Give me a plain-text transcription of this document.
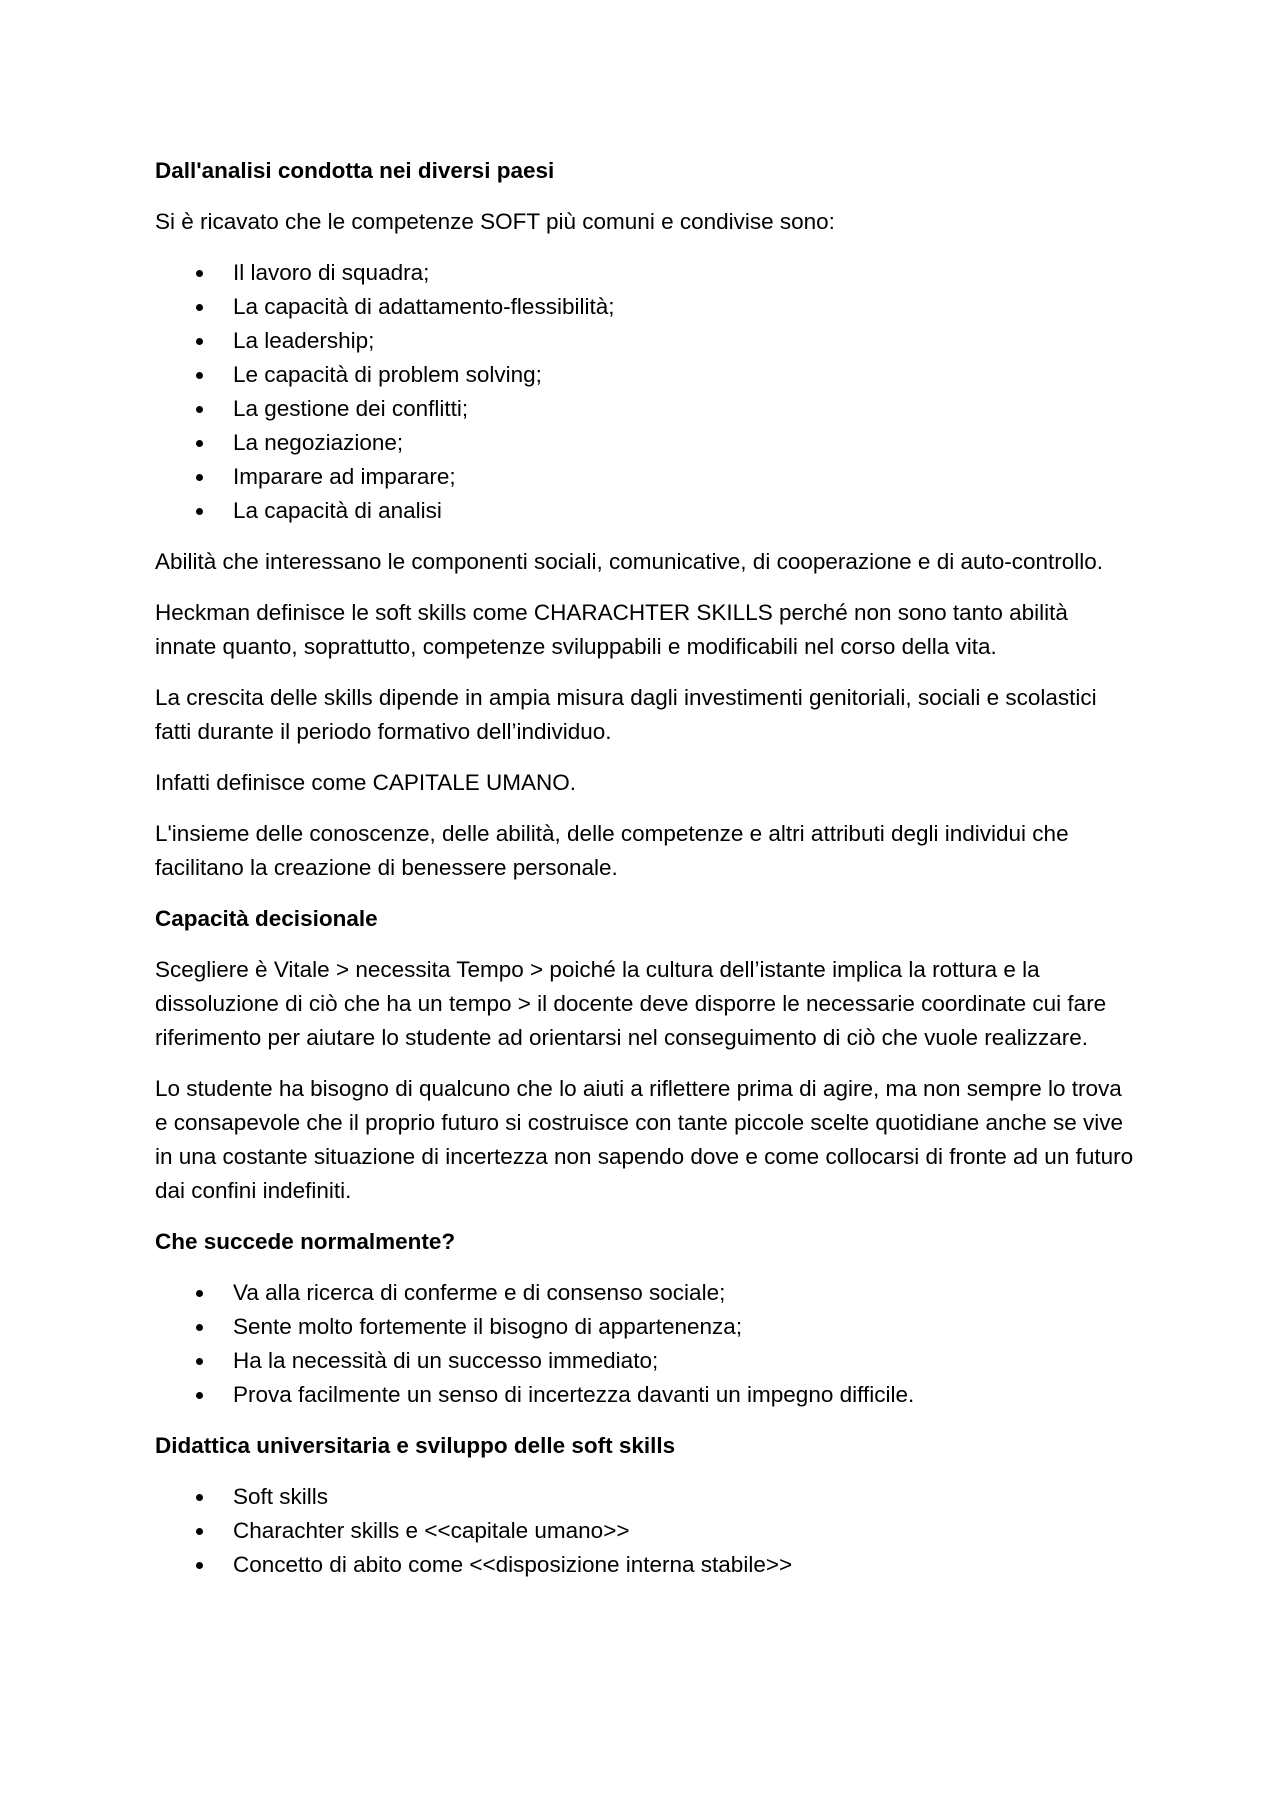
Dall'analisi condotta nei diversi paesi
Si è ricavato che le competenze SOFT più comuni e condivise sono:
Il lavoro di squadra;
La capacità di adattamento-flessibilità;
La leadership;
Le capacità di problem solving;
La gestione dei conflitti;
La negoziazione;
Imparare ad imparare;
La capacità di analisi
Abilità che interessano le componenti sociali, comunicative, di cooperazione e di auto-controllo.
Heckman definisce le soft skills come CHARACHTER SKILLS perché non sono tanto abilità innate quanto, soprattutto, competenze sviluppabili e modificabili nel corso della vita.
La crescita delle skills dipende in ampia misura dagli investimenti genitoriali, sociali e scolastici fatti durante il periodo formativo dell’individuo.
Infatti definisce come CAPITALE UMANO.
L'insieme delle conoscenze, delle abilità, delle competenze e altri attributi degli individui che facilitano la creazione di benessere personale.
Capacità decisionale
Scegliere è Vitale > necessita Tempo > poiché la cultura dell’istante implica la rottura e la dissoluzione di ciò che ha un tempo > il docente deve disporre le necessarie coordinate cui fare riferimento per aiutare lo studente ad orientarsi nel conseguimento di ciò che vuole realizzare.
Lo studente ha bisogno di qualcuno che lo aiuti a riflettere prima di agire, ma non sempre lo trova e consapevole che il proprio futuro si costruisce con tante piccole scelte quotidiane anche se vive in una costante situazione di incertezza non sapendo dove e come collocarsi di fronte ad un futuro dai confini indefiniti.
Che succede normalmente?
Va alla ricerca di conferme e di consenso sociale;
Sente molto fortemente il bisogno di appartenenza;
Ha la necessità di un successo immediato;
Prova facilmente un senso di incertezza davanti un impegno difficile.
Didattica universitaria e sviluppo delle soft skills
Soft skills
Charachter skills e <<capitale umano>>
Concetto di abito come <<disposizione interna stabile>>
